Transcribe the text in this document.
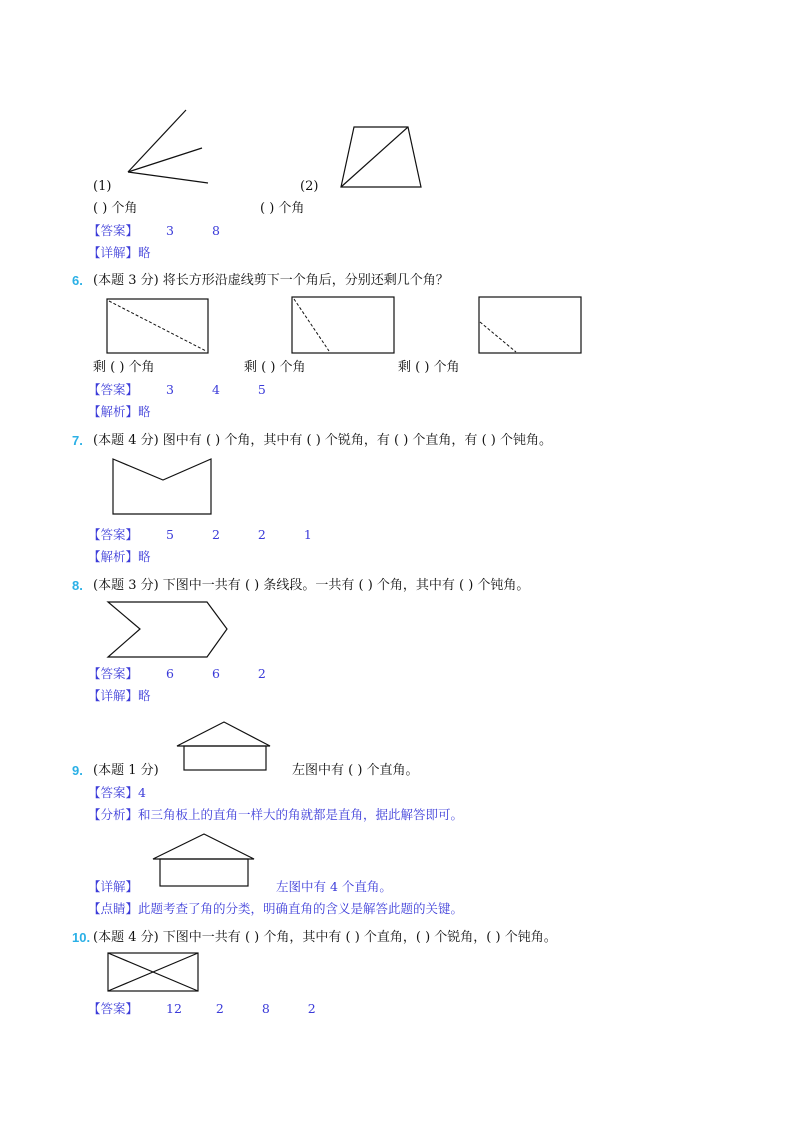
(1)	(2)
( ) 个角	( ) 个角
【答案】 3	8
【详解】略
6. (本题 3 分) 将长方形沿虚线剪下一个角后，分别还剩几个角？
剩 ( ) 个角	剩 ( ) 个角	剩 ( ) 个角
【答案】 3	4	5
【解析】略
7. (本题 4 分) 图中有 ( ) 个角，其中有 ( ) 个锐角，有 ( ) 个直角，有 ( ) 个钝角。
【答案】 5	2	2	1
【解析】略
8. (本题 3 分) 下图中一共有 ( ) 条线段。一共有 ( ) 个角，其中有 ( ) 个钝角。
【答案】 6	6	2
【详解】略
9. (本题 1 分)	左图中有 ( ) 个直角。
【答案】4
【分析】和三角板上的直角一样大的角就都是直角，据此解答即可。
【详解】	左图中有 4 个直角。
【点睛】此题考查了角的分类，明确直角的含义是解答此题的关键。
10. (本题 4 分) 下图中一共有 ( ) 个角，其中有 ( ) 个直角，( ) 个锐角，( ) 个钝角。
【答案】 12	2	8	2
